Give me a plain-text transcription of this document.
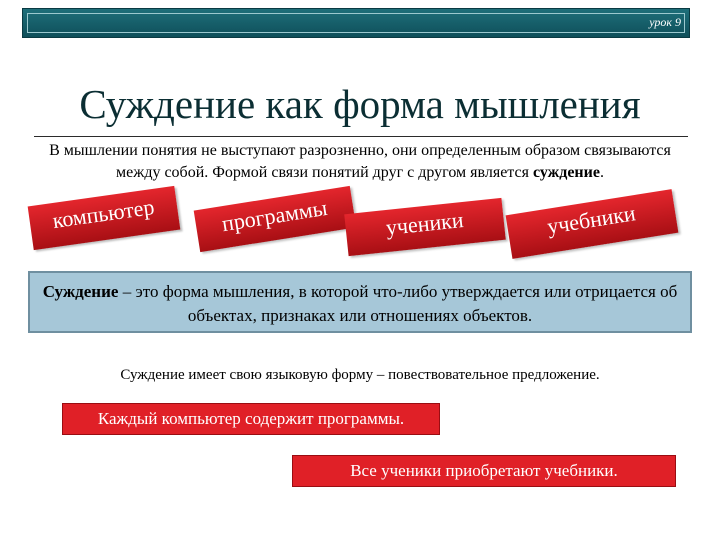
урок 9
Суждение как форма мышления
В мышлении понятия не выступают разрозненно, они определенным образом связываются между собой. Формой связи понятий друг с другом является суждение.
компьютер	программы	ученики	учебники
Суждение – это форма мышления, в которой что-либо утверждается или отрицается об объектах, признаках или отношениях объектов.
Суждение имеет свою языковую форму – повествовательное предложение.
Каждый компьютер содержит программы.
Все ученики приобретают учебники.
